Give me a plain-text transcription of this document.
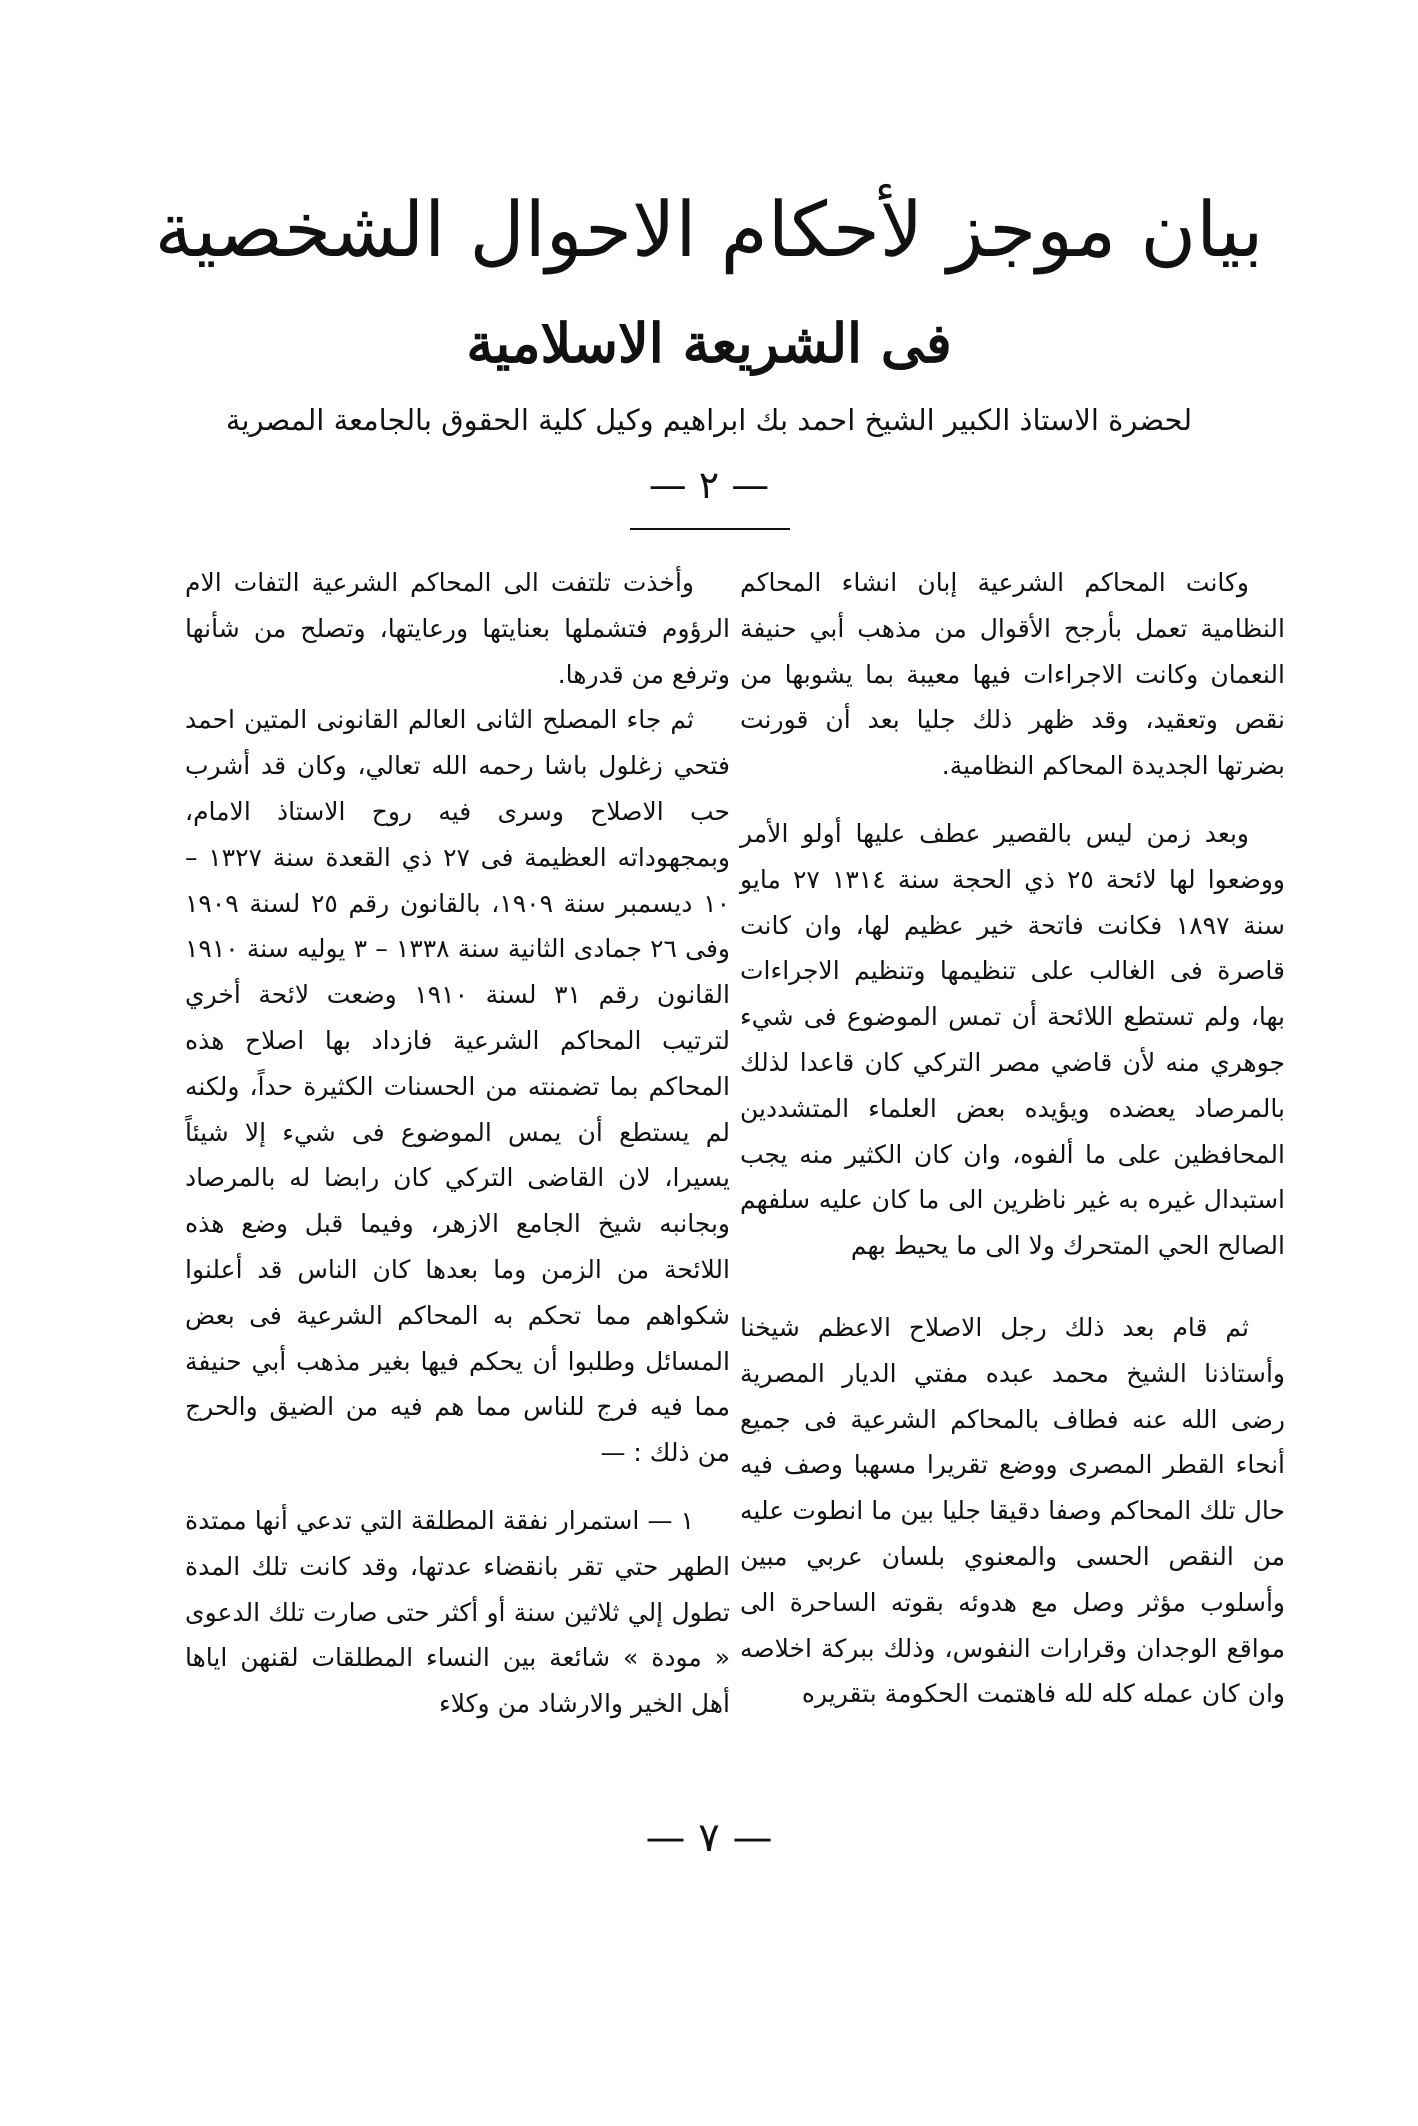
بيان موجز لأحكام الاحوال الشخصية
فى الشريعة الاسلامية
لحضرة الاستاذ الكبير الشيخ احمد بك ابراهيم وكيل كلية الحقوق بالجامعة المصرية
— ٢ —

وكانت المحاكم الشرعية إبان انشاء المحاكم النظامية تعمل بأرجح الأقوال من مذهب أبي حنيفة النعمان وكانت الاجراءات فيها معيبة بما يشوبها من نقص وتعقيد، وقد ظهر ذلك جليا بعد أن قورنت بضرتها الجديدة المحاكم النظامية.

وبعد زمن ليس بالقصير عطف عليها أولو الأمر ووضعوا لها لائحة ٢٥ ذي الحجة سنة ١٣١٤ ٢٧ مايو سنة ١٨٩٧ فكانت فاتحة خير عظيم لها، وان كانت قاصرة فى الغالب على تنظيمها وتنظيم الاجراءات بها، ولم تستطع اللائحة أن تمس الموضوع فى شيء جوهري منه لأن قاضي مصر التركي كان قاعدا لذلك بالمرصاد يعضده ويؤيده بعض العلماء المتشددين المحافظين على ما ألفوه، وان كان الكثير منه يجب استبدال غيره به غير ناظرين الى ما كان عليه سلفهم الصالح الحي المتحرك ولا الى ما يحيط بهم

ثم قام بعد ذلك رجل الاصلاح الاعظم شيخنا وأستاذنا الشيخ محمد عبده مفتي الديار المصرية رضى الله عنه فطاف بالمحاكم الشرعية فى جميع أنحاء القطر المصرى ووضع تقريرا مسهبا وصف فيه حال تلك المحاكم وصفا دقيقا جليا بين ما انطوت عليه من النقص الحسى والمعنوي بلسان عربي مبين وأسلوب مؤثر وصل مع هدوئه بقوته الساحرة الى مواقع الوجدان وقرارات النفوس، وذلك ببركة اخلاصه وان كان عمله كله لله فاهتمت الحكومة بتقريره

وأخذت تلتفت الى المحاكم الشرعية التفات الام الرؤوم فتشملها بعنايتها ورعايتها، وتصلح من شأنها وترفع من قدرها.

ثم جاء المصلح الثانى العالم القانونى المتين احمد فتحي زغلول باشا رحمه الله تعالي، وكان قد أشرب حب الاصلاح وسرى فيه روح الاستاذ الامام، وبمجهوداته العظيمة فى ٢٧ ذي القعدة سنة ١٣٢٧ – ١٠ ديسمبر سنة ١٩٠٩، بالقانون رقم ٢٥ لسنة ١٩٠٩ وفى ٢٦ جمادى الثانية سنة ١٣٣٨ – ٣ يوليه سنة ١٩١٠ القانون رقم ٣١ لسنة ١٩١٠ وضعت لائحة أخري لترتيب المحاكم الشرعية فازداد بها اصلاح هذه المحاكم بما تضمنته من الحسنات الكثيرة حداً، ولكنه لم يستطع أن يمس الموضوع فى شيء إلا شيئاً يسيرا، لان القاضى التركي كان رابضا له بالمرصاد وبجانبه شيخ الجامع الازهر، وفيما قبل وضع هذه اللائحة من الزمن وما بعدها كان الناس قد أعلنوا شكواهم مما تحكم به المحاكم الشرعية فى بعض المسائل وطلبوا أن يحكم فيها بغير مذهب أبي حنيفة مما فيه فرج للناس مما هم فيه من الضيق والحرج من ذلك : —

١ — استمرار نفقة المطلقة التي تدعي أنها ممتدة الطهر حتي تقر بانقضاء عدتها، وقد كانت تلك المدة تطول إلي ثلاثين سنة أو أكثر حتى صارت تلك الدعوى « مودة » شائعة بين النساء المطلقات لقنهن اياها أهل الخير والارشاد من وكلاء

— ٧ —
